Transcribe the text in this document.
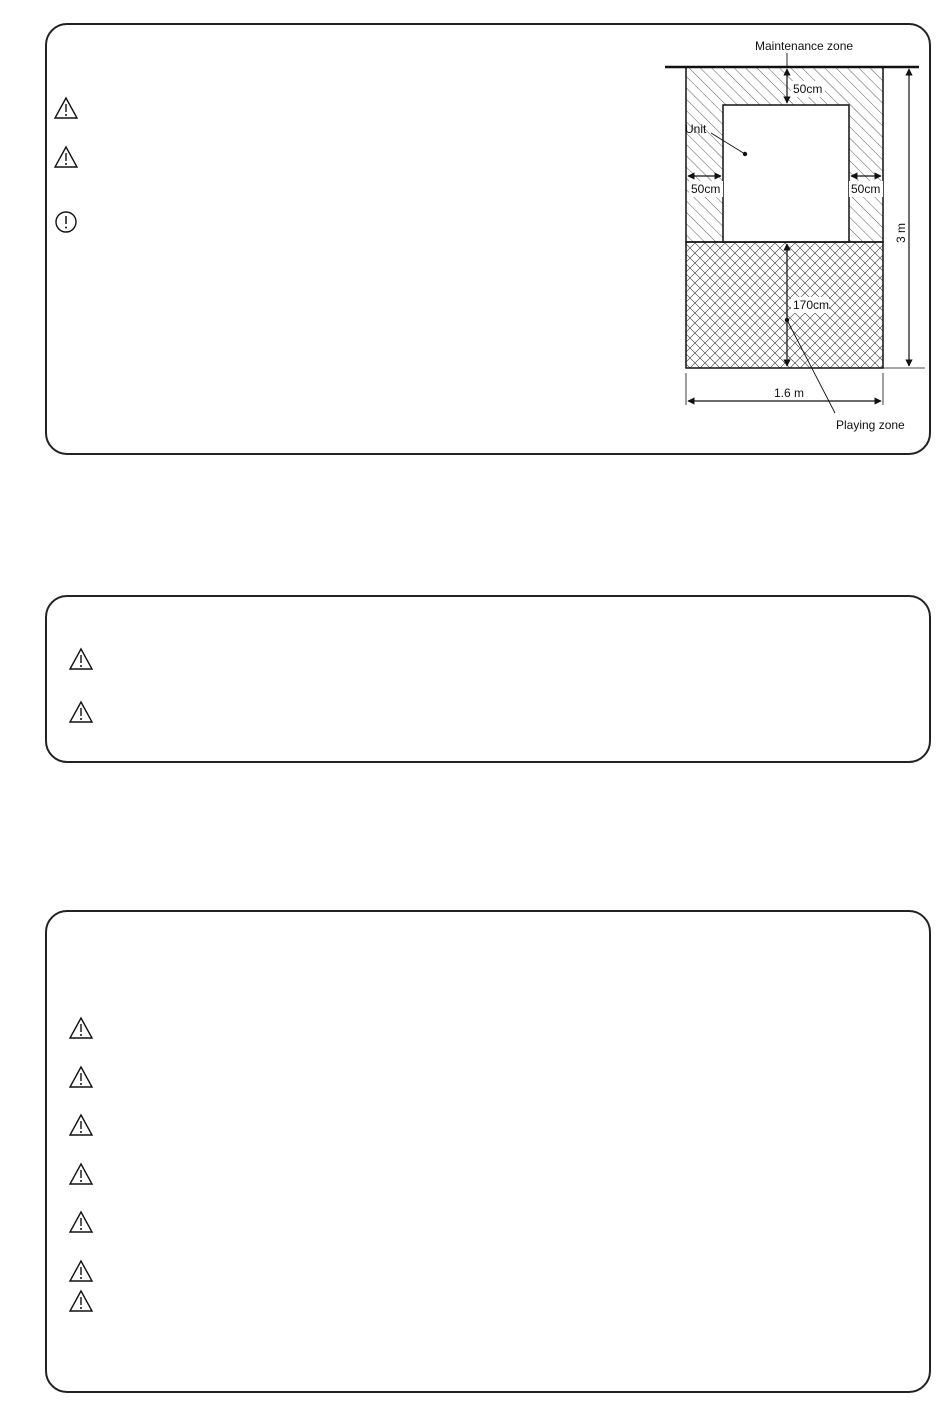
Maintenance zone
Unit
50cm
50cm	50cm
3 m
170cm
1.6 m
Playing zone
